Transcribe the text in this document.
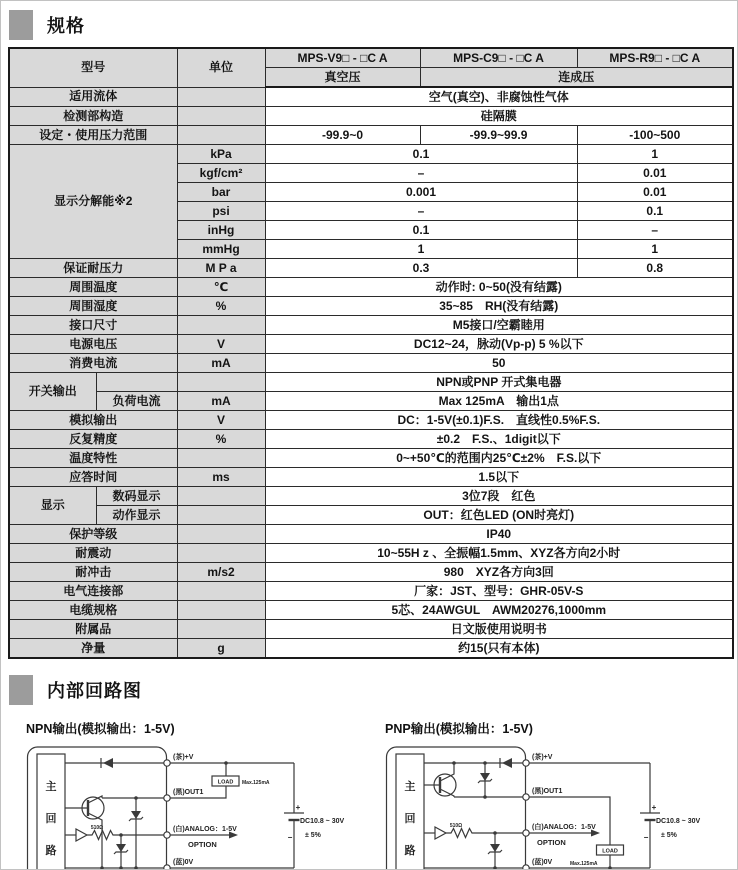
规格
型号		单位	MPS-V9□ - □C A	MPS-C9□ - □C A	MPS-R9□ - □C A
			真空压	连成压	
适用流体			空气(真空)、非腐蚀性气体		
检测部构造			硅隔膜		
设定・使用压力范围			-99.9~0	-99.9~99.9	-100~500
显示分解能※2		kPa	0.1		1
		kgf/cm²	–		0.01
		bar	0.001		0.01
		psi	–		0.1
		inHg	0.1		–
		mmHg	1		1
保证耐压力		M P a	0.3		0.8
周围温度		℃	动作时: 0~50(没有结露)		
周围湿度		%	35~85　RH(没有结露)		
接口尺寸			M5接口/空霸睦用		
电源电压		V	DC12~24，脉动(Vp-p) 5 %以下		
消费电流		mA	50		
开关输出			NPN或PNP 开式集电器		
	负荷电流	mA	Max 125mA　输出1点		
模拟输出		V	DC：1-5V(±0.1)F.S.　直线性0.5%F.S.		
反复精度		%	±0.2　F.S.、1digit以下		
温度特性			0~+50℃的范围内25℃±2%　F.S.以下		
应答时间		ms	1.5以下		
显示	数码显示		3位7段　红色		
	动作显示		OUT：红色LED (ON时亮灯)		
保护等级			IP40		
耐震动			10~55H z 、全振幅1.5mm、XYZ各方向2小时		
耐冲击		m/s2	980　XYZ各方向3回		
电气连接部			厂家：JST、型号：GHR-05V-S		
电缆规格			5芯、24AWGUL　AWM20276,1000mm		
附属品			日文版使用说明书		
净量		g	约15(只有本体)		
内部回路图
NPN输出(模拟输出：1-5V)
主
回
路
(茶)+V
(黑)OUT1
(白)ANALOG：1-5V
OPTION
(蓝)0V
LOAD Max.125mA
510Ω
+
−
DC10.8 ~ 30V
± 5%
PNP输出(模拟输出：1-5V)
主
回
路
(茶)+V
(黑)OUT1
(白)ANALOG：1-5V
OPTION
(蓝)0V
LOAD
Max.125mA
510Ω
+
−
DC10.8 ~ 30V
± 5%
